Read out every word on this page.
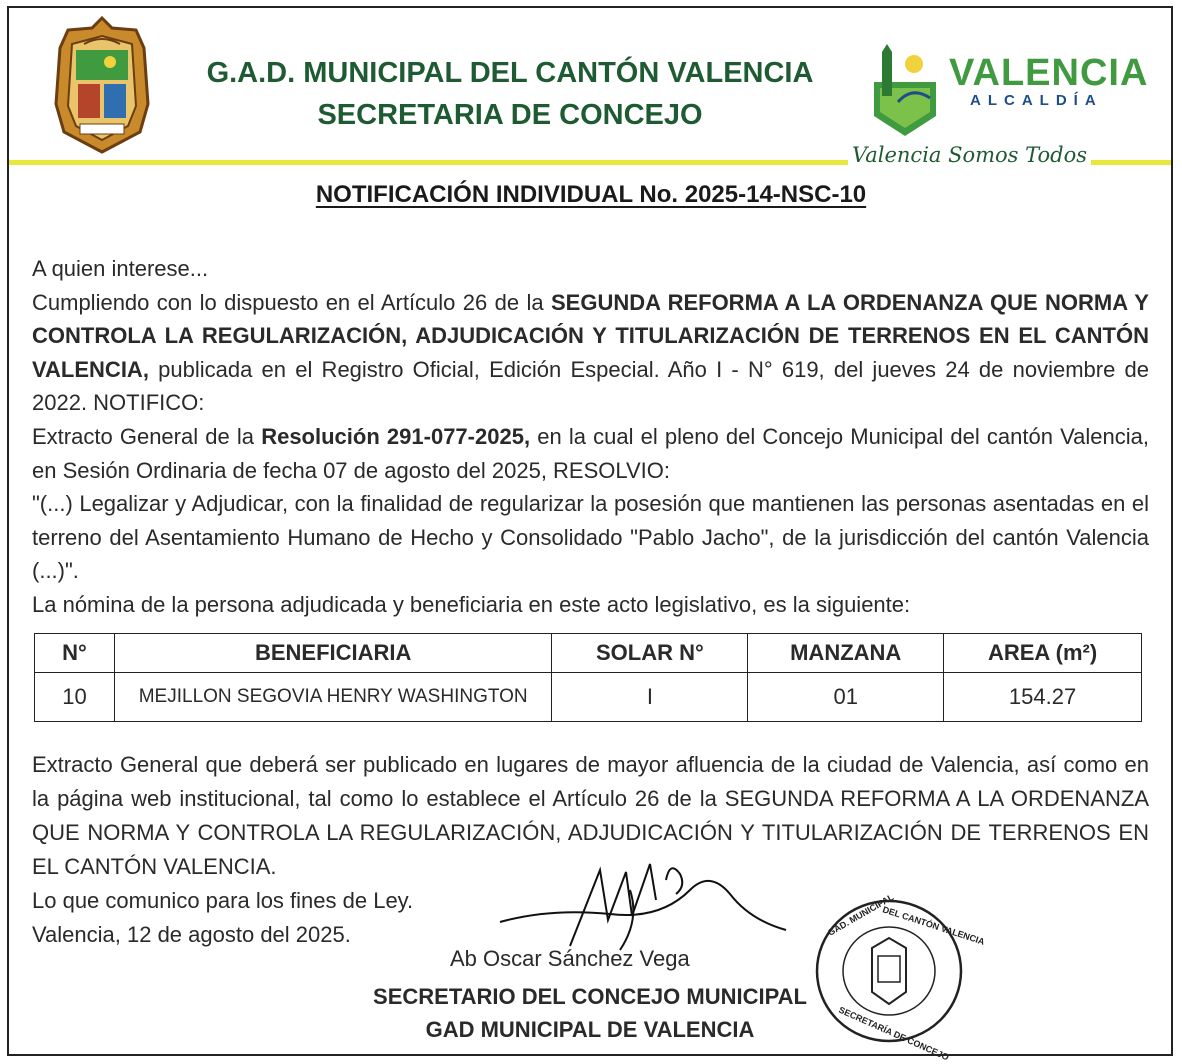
G.A.D. MUNICIPAL DEL CANTÓN VALENCIA
SECRETARIA DE CONCEJO
VALENCIA
ALCALDÍA
Valencia Somos Todos
NOTIFICACIÓN INDIVIDUAL No. 2025-14-NSC-10

A quien interese...

Cumpliendo con lo dispuesto en el Artículo 26 de la SEGUNDA REFORMA A LA ORDENANZA QUE NORMA Y CONTROLA LA REGULARIZACIÓN, ADJUDICACIÓN Y TITULARIZACIÓN DE TERRENOS EN EL CANTÓN VALENCIA, publicada en el Registro Oficial, Edición Especial. Año I - N° 619, del jueves 24 de noviembre de 2022. NOTIFICO:

Extracto General de la Resolución 291-077-2025, en la cual el pleno del Concejo Municipal del cantón Valencia, en Sesión Ordinaria de fecha 07 de agosto del 2025, RESOLVIO:

"(...) Legalizar y Adjudicar, con la finalidad de regularizar la posesión que mantienen las personas asentadas en el terreno del Asentamiento Humano de Hecho y Consolidado "Pablo Jacho", de la jurisdicción del cantón Valencia (...)".

La nómina de la persona adjudicada y beneficiaria en este acto legislativo, es la siguiente:

N°	BENEFICIARIA	SOLAR N°	MANZANA	AREA (m²)
10	MEJILLON SEGOVIA HENRY WASHINGTON	I	01	154.27

Extracto General que deberá ser publicado en lugares de mayor afluencia de la ciudad de Valencia, así como en la página web institucional, tal como lo establece el Artículo 26 de la SEGUNDA REFORMA A LA ORDENANZA QUE NORMA Y CONTROLA LA REGULARIZACIÓN, ADJUDICACIÓN Y TITULARIZACIÓN DE TERRENOS EN EL CANTÓN VALENCIA.

Lo que comunico para los fines de Ley.

Valencia, 12 de agosto del 2025.	GAD. MUNICIPAL
DEL CANTÓN VALENCIA
SECRETARÍA DE CONCEJO
Ab Oscar Sánchez Vega
SECRETARIO DEL CONCEJO MUNICIPAL
GAD MUNICIPAL DE VALENCIA
